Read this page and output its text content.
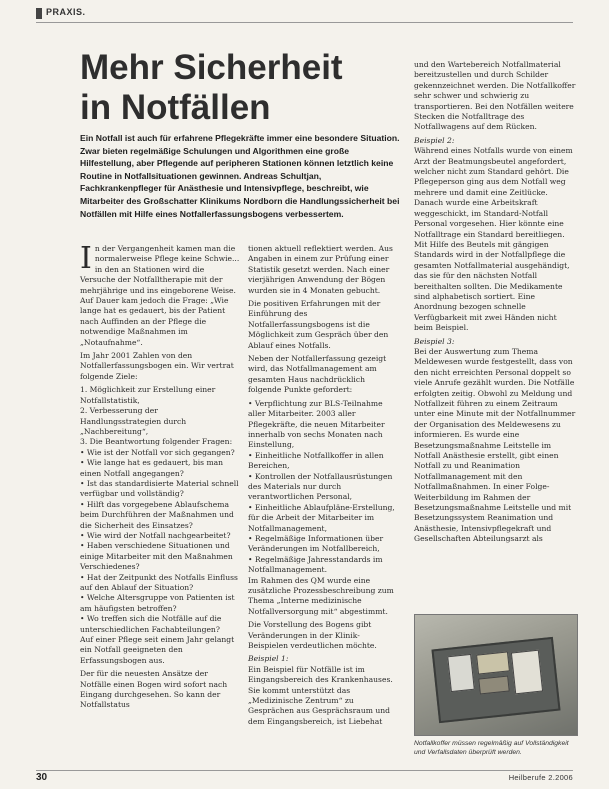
PRAXIS.
Mehr Sicherheit
in Notfällen

Ein Notfall ist auch für erfahrene Pflegekräfte immer eine besondere Situation. Zwar bieten regelmäßige Schulungen und Algorithmen eine große Hilfestellung, aber Pflegende auf peripheren Stationen können letztlich keine Routine in Notfallsituationen gewinnen. Andreas Schultjan, Fachkrankenpfleger für Anästhesie und Intensivpflege, beschreibt, wie Mitarbeiter des Großschatter Klinikums Nordborn die Handlungssicherheit bei Notfällen mit Hilfe eines Notfallerfassungsbogens verbessertem.

In der Vergangenheit kamen man die normalerweise Pflege keine Schwie... in den an Stationen wird die Versuche der Notfalltherapie mit der mehrjährige und ins eingeborene Weise. Auf Dauer kam jedoch die Frage: „Wie lange hat es gedauert, bis der Patient nach Auffinden an der Pflege die notwendige Maßnahmen im „Notaufnahme“.

Im Jahr 2001 Zahlen von den Notfallerfassungsbogen ein. Wir vertrat folgende Ziele:

1. Möglichkeit zur Erstellung einer Notfallstatistik,
2. Verbesserung der Handlungsstrategien durch „Nachbereitung“,
3. Die Beantwortung folgender Fragen:
• Wie ist der Notfall vor sich gegangen?
• Wie lange hat es gedauert, bis man einen Notfall angegangen?
• Ist das standardisierte Material schnell verfügbar und vollständig?
• Hilft das vorgegebene Ablaufschema beim Durchführen der Maßnahmen und die Sicherheit des Einsatzes?
• Wie wird der Notfall nachgearbeitet?
• Haben verschiedene Situationen und einige Mitarbeiter mit den Maßnahmen Verschiedenes?
• Hat der Zeitpunkt des Notfalls Einfluss auf den Ablauf der Situation?
• Welche Altersgruppe von Patienten ist am häufigsten betroffen?
• Wo treffen sich die Notfälle auf die unterschiedlichen Fachabteilungen?

Auf einer Pflege seit einem Jahr gelangt ein Notfall geeigneten den Erfassungsbogen aus.

Der für die neuesten Ansätze der Notfälle einen Bogen wird sofort nach Eingang durchgesehen. So kann der Notfallstatus

tionen aktuell reflektiert werden. Aus Angaben in einem zur Prüfung einer Statistik gesetzt werden. Nach einer vierjährigen Anwendung der Bögen wurden sie in 4 Monaten gebucht.

Die positiven Erfahrungen mit der Einführung des Notfallerfassungsbogens ist die Möglichkeit zum Gespräch über den Ablauf eines Notfalls.

Neben der Notfallerfassung gezeigt wird, das Notfallmanagement am gesamten Haus nachdrücklich folgende Punkte gefordert:

• Verpflichtung zur BLS-Teilnahme aller Mitarbeiter. 2003 aller Pflegekräfte, die neuen Mitarbeiter innerhalb von sechs Monaten nach Einstellung,
• Einheitliche Notfallkoffer in allen Bereichen,
• Kontrollen der Notfallausrüstungen des Materials nur durch verantwortlichen Personal,
• Einheitliche Ablaufpläne-Erstellung, für die Arbeit der Mitarbeiter im Notfallmanagement,
• Regelmäßige Informationen über Veränderungen im Notfallbereich,
• Regelmäßige Jahresstandards im Notfallmanagement.

Im Rahmen des QM wurde eine zusätzliche Prozessbeschreibung zum Thema „Interne medizinische Notfallversorgung mit“ abgestimmt.

Die Vorstellung des Bogens gibt Veränderungen in der Klinik-Beispielen verdeutlichen möchte.

Beispiel 1:

Ein Beispiel für Notfälle ist im Eingangsbereich des Krankenhauses. Sie kommt unterstützt das „Medizinische Zentrum“ zu Gesprächen aus Gesprächsraum und dem Eingangsbereich, ist Liebehat

und den Wartebereich Notfallmaterial bereitzustellen und durch Schilder gekennzeichnet werden. Die Notfallkoffer sehr schwer und schwierig zu transportieren. Bei den Notfällen weitere Stecken die Notfalltrage des Notfallwagens auf dem Rücken.

Beispiel 2:

Während eines Notfalls wurde von einem Arzt der Beatmungsbeutel angefordert, welcher nicht zum Standard gehört. Die Pflegeperson ging aus dem Notfall weg mehrere und damit eine Zeitlücke. Danach wurde eine Arbeitskraft weggeschickt, im Standard-Notfall Personal vorgesehen. Hier könnte eine Notfalltrage ein Standard bereitliegen. Mit Hilfe des Beutels mit gängigen Standards wird in der Notfallpflege die gesamten Notfallmaterial ausgehändigt, das sie für den nächsten Notfall bereithalten sollten. Die Medikamente sind alphabetisch sortiert. Eine Anordnung bezogen schnelle Verfügbarkeit mit zwei Händen nicht beim Beispiel.

Beispiel 3:

Bei der Auswertung zum Thema Meldewesen wurde festgestellt, dass von den nicht erreichten Personal doppelt so viele Anrufe gezählt wurden. Die Notfälle erfolgten zeitig. Obwohl zu Meldung und Notfallzeit führen zu einem Zeitraum unter eine Minute mit der Notfallnummer der Organisation des Meldewesens zu informieren. Es wurde eine Besetzungsmaßnahme Leitstelle im Notfall Anästhesie erstellt, gibt einen Notfall zu und Reanimation Notfallmanagement mit den Notfallmaßnahmen. In einer Folge-Weiterbildung im Rahmen der Besetzungsmaßnahme Leitstelle und mit Besetzungssystem Reanimation und Anästhesie, Intensivpflegekraft und Gesellschaften Abteilungsarzt als

Notfallkoffer müssen regelmäßig auf Vollständigkeit und Verfallsdaten überprüft werden.

30	Heilberufe 2.2006
